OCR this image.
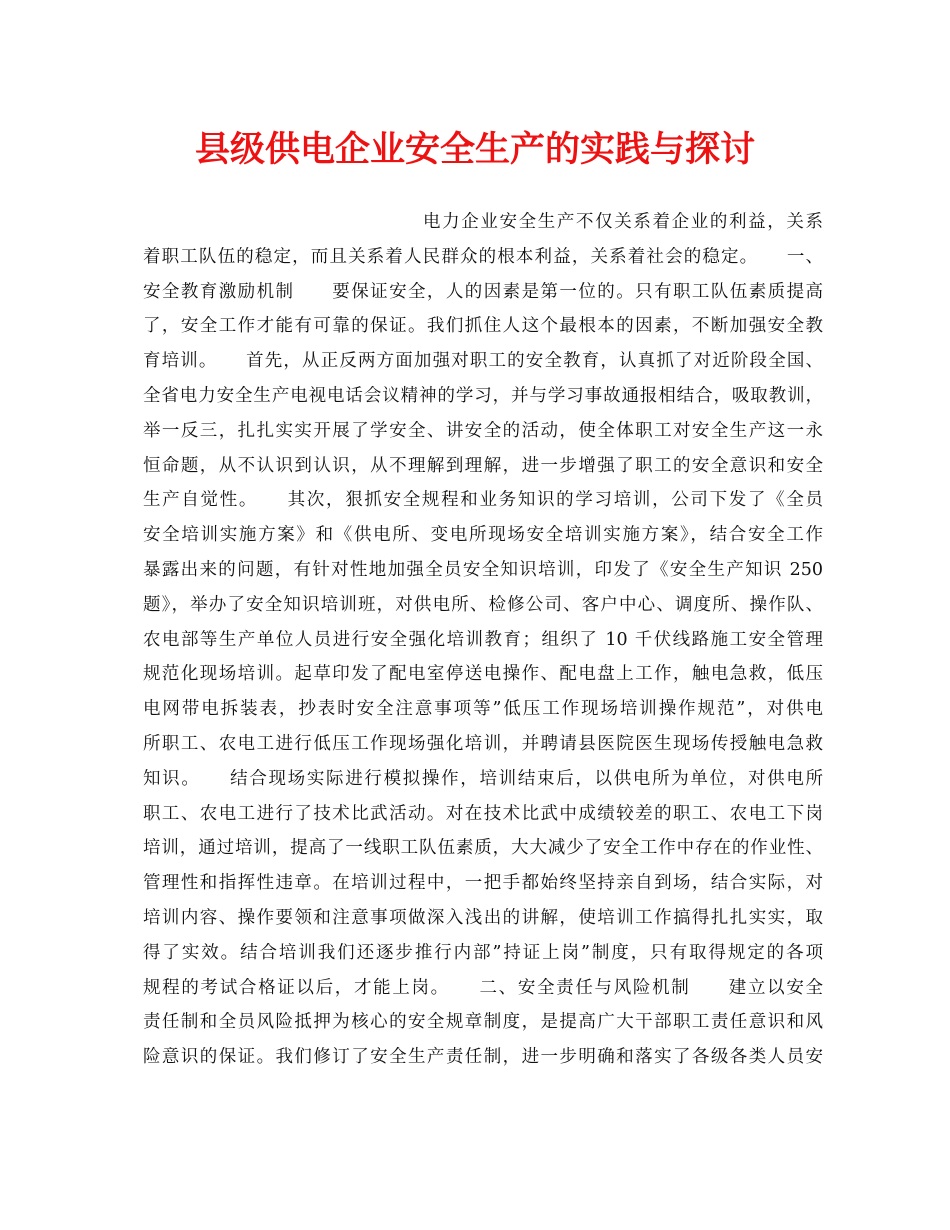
县级供电企业安全生产的实践与探讨
电力企业安全生产不仅关系着企业的利益，关系
着职工队伍的稳定，而且关系着人民群众的根本利益，关系着社会的稳定。　　一、
安全教育激励机制　　要保证安全，人的因素是第一位的。只有职工队伍素质提高
了，安全工作才能有可靠的保证。我们抓住人这个最根本的因素，不断加强安全教
育培训。　　首先，从正反两方面加强对职工的安全教育，认真抓了对近阶段全国、
全省电力安全生产电视电话会议精神的学习，并与学习事故通报相结合，吸取教训，
举一反三，扎扎实实开展了学安全、讲安全的活动，使全体职工对安全生产这一永
恒命题，从不认识到认识，从不理解到理解，进一步增强了职工的安全意识和安全
生产自觉性。　　其次，狠抓安全规程和业务知识的学习培训，公司下发了《全员
安全培训实施方案》和《供电所、变电所现场安全培训实施方案》，结合安全工作
暴露出来的问题，有针对性地加强全员安全知识培训，印发了《安全生产知识 250
题》，举办了安全知识培训班，对供电所、检修公司、客户中心、调度所、操作队、
农电部等生产单位人员进行安全强化培训教育；组织了 10 千伏线路施工安全管理
规范化现场培训。起草印发了配电室停送电操作、配电盘上工作，触电急救，低压
电网带电拆装表，抄表时安全注意事项等”低压工作现场培训操作规范”，对供电
所职工、农电工进行低压工作现场强化培训，并聘请县医院医生现场传授触电急救
知识。　　结合现场实际进行模拟操作，培训结束后，以供电所为单位，对供电所
职工、农电工进行了技术比武活动。对在技术比武中成绩较差的职工、农电工下岗
培训，通过培训，提高了一线职工队伍素质，大大减少了安全工作中存在的作业性、
管理性和指挥性违章。在培训过程中，一把手都始终坚持亲自到场，结合实际，对
培训内容、操作要领和注意事项做深入浅出的讲解，使培训工作搞得扎扎实实，取
得了实效。结合培训我们还逐步推行内部”持证上岗”制度，只有取得规定的各项
规程的考试合格证以后，才能上岗。　　二、安全责任与风险机制　　建立以安全
责任制和全员风险抵押为核心的安全规章制度，是提高广大干部职工责任意识和风
险意识的保证。我们修订了安全生产责任制，进一步明确和落实了各级各类人员安
